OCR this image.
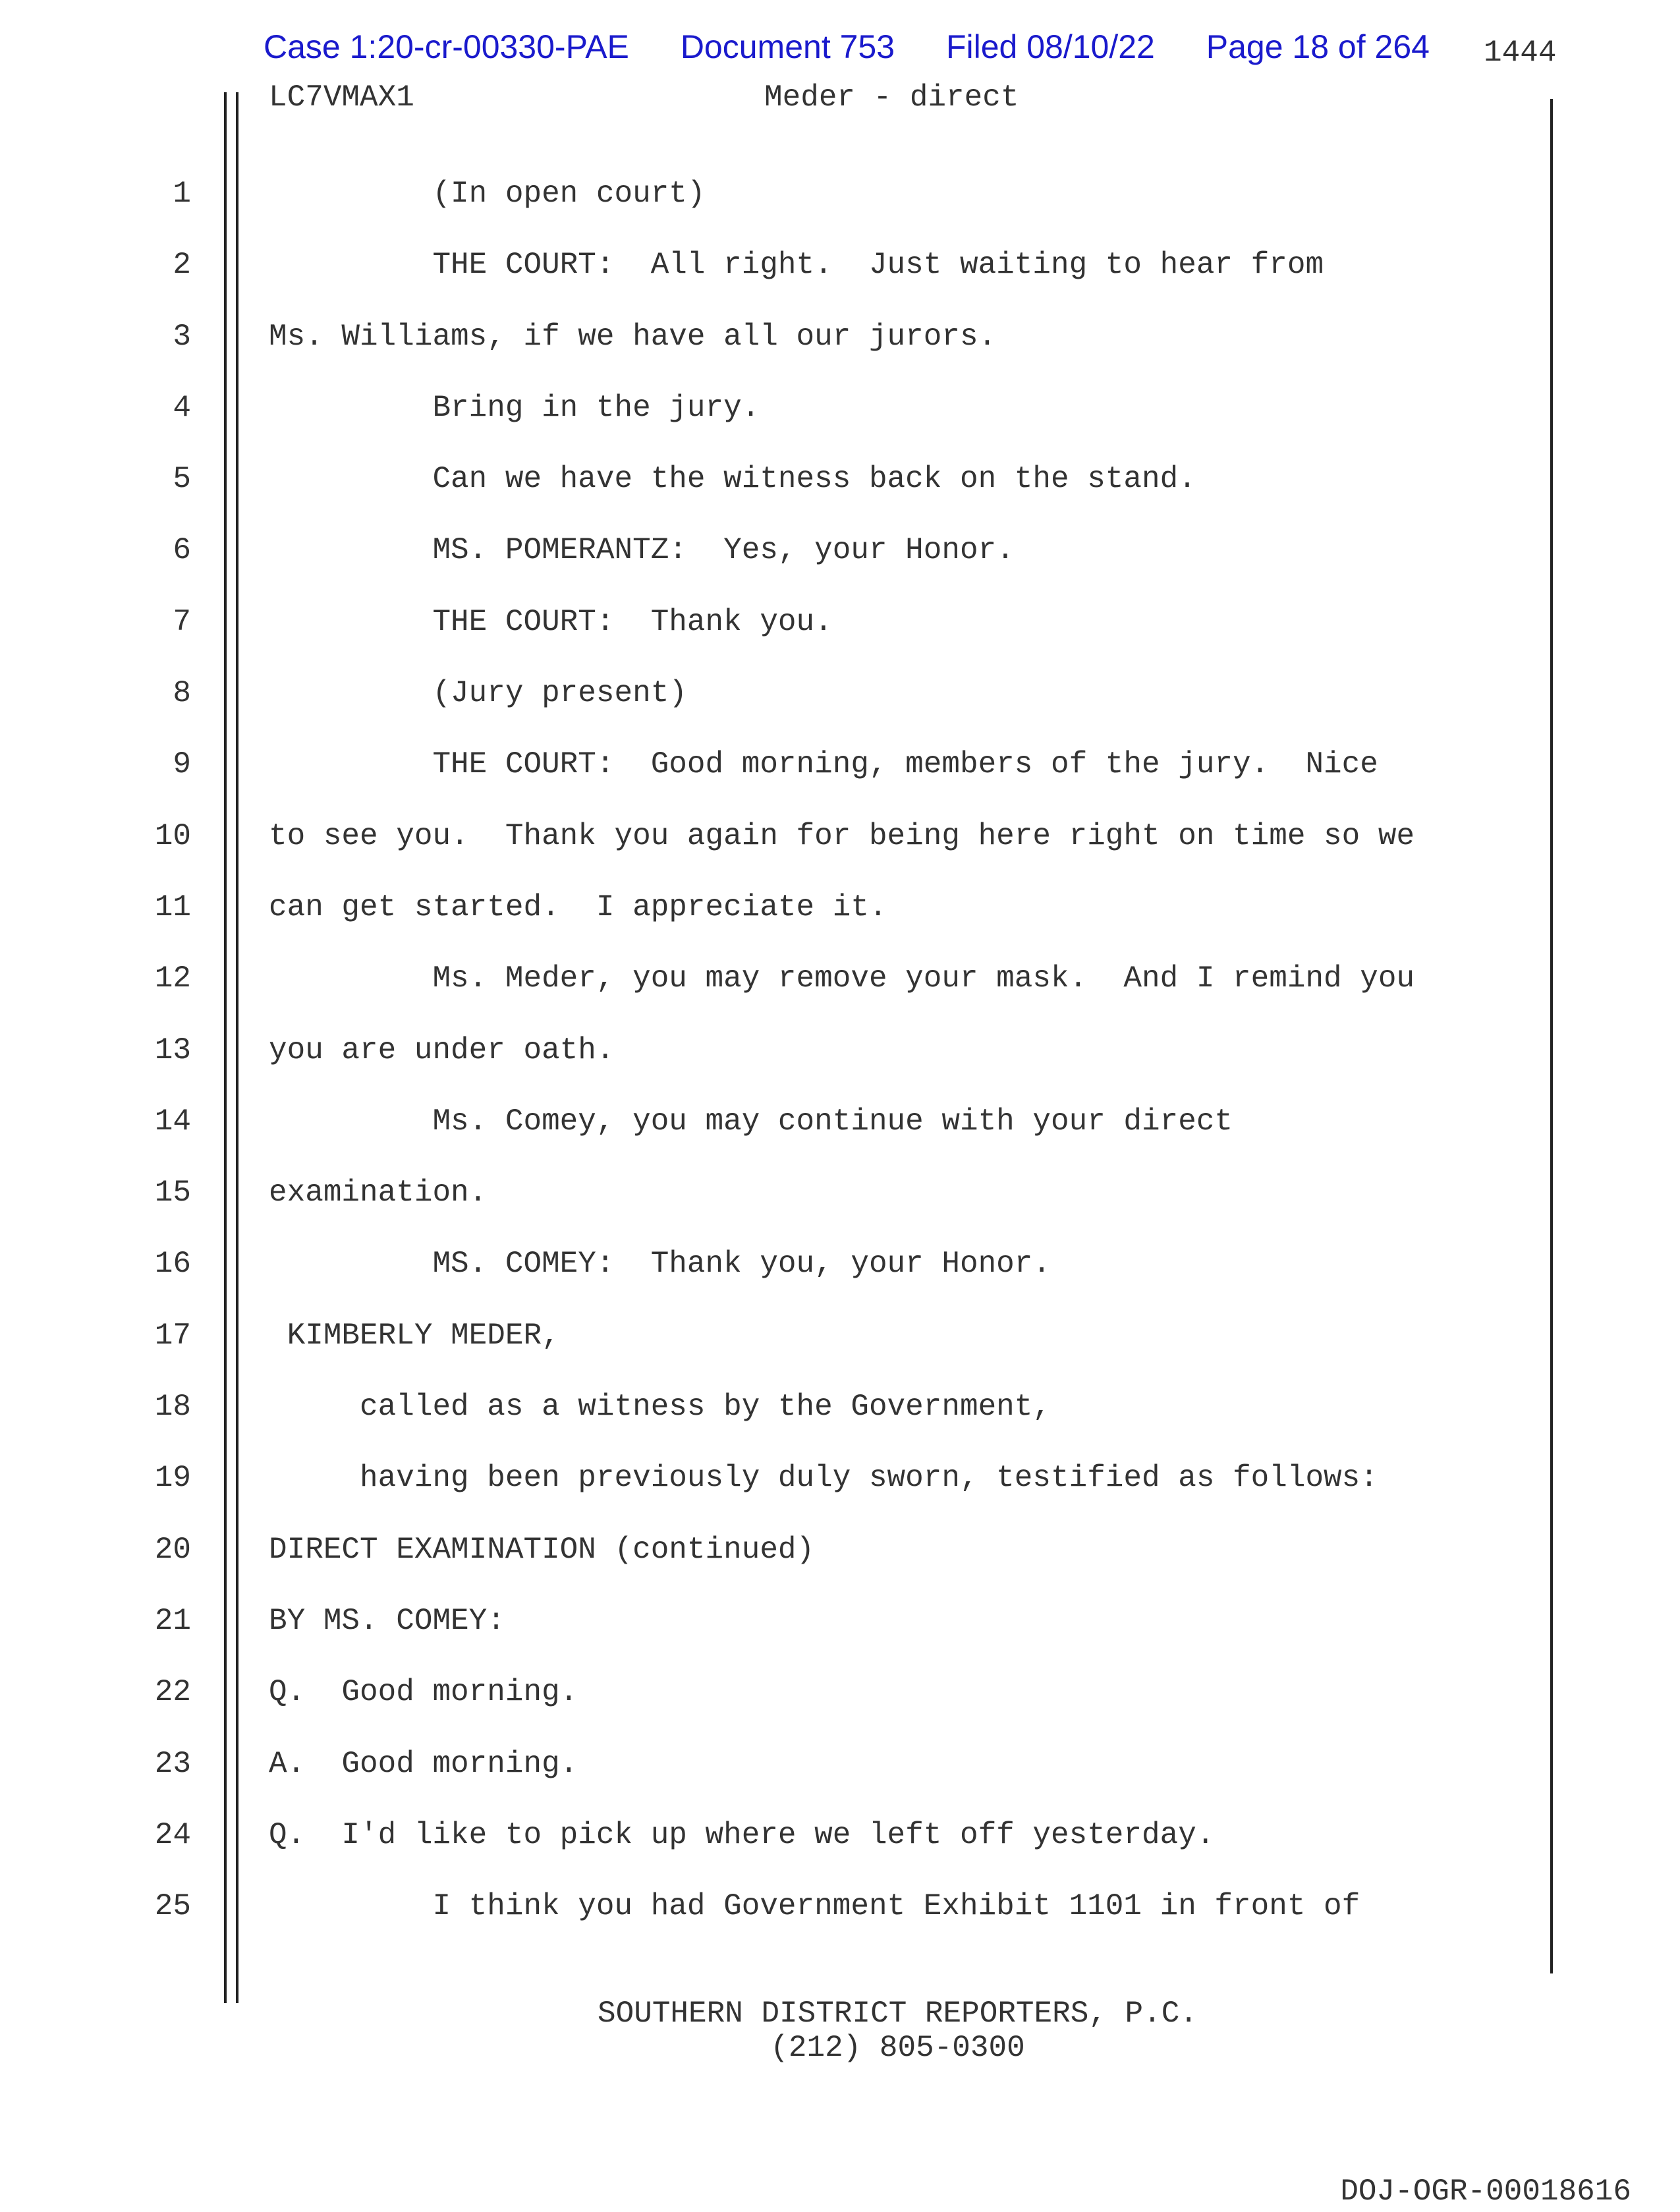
Case 1:20-cr-00330-PAE Document 753 Filed 08/10/22 Page 18 of 264	1444
LC7VMAX1	Meder - direct
1
2
3
4
5
6
7
8
9
10
11
12
13
14
15
16
17
18
19
20
21
22
23
24
25
(In open court)
THE COURT:  All right.  Just waiting to hear from
Ms. Williams, if we have all our jurors.
Bring in the jury.
Can we have the witness back on the stand.
MS. POMERANTZ:  Yes, your Honor.
THE COURT:  Thank you.
(Jury present)
THE COURT:  Good morning, members of the jury.  Nice
to see you.  Thank you again for being here right on time so we
can get started.  I appreciate it.
Ms. Meder, you may remove your mask.  And I remind you
you are under oath.
Ms. Comey, you may continue with your direct
examination.
MS. COMEY:  Thank you, your Honor.
KIMBERLY MEDER,
called as a witness by the Government,
having been previously duly sworn, testified as follows:
DIRECT EXAMINATION (continued)
BY MS. COMEY:
Q.  Good morning.
A.  Good morning.
Q.  I'd like to pick up where we left off yesterday.
I think you had Government Exhibit 1101 in front of
SOUTHERN DISTRICT REPORTERS, P.C.
(212) 805-0300
DOJ-OGR-00018616
